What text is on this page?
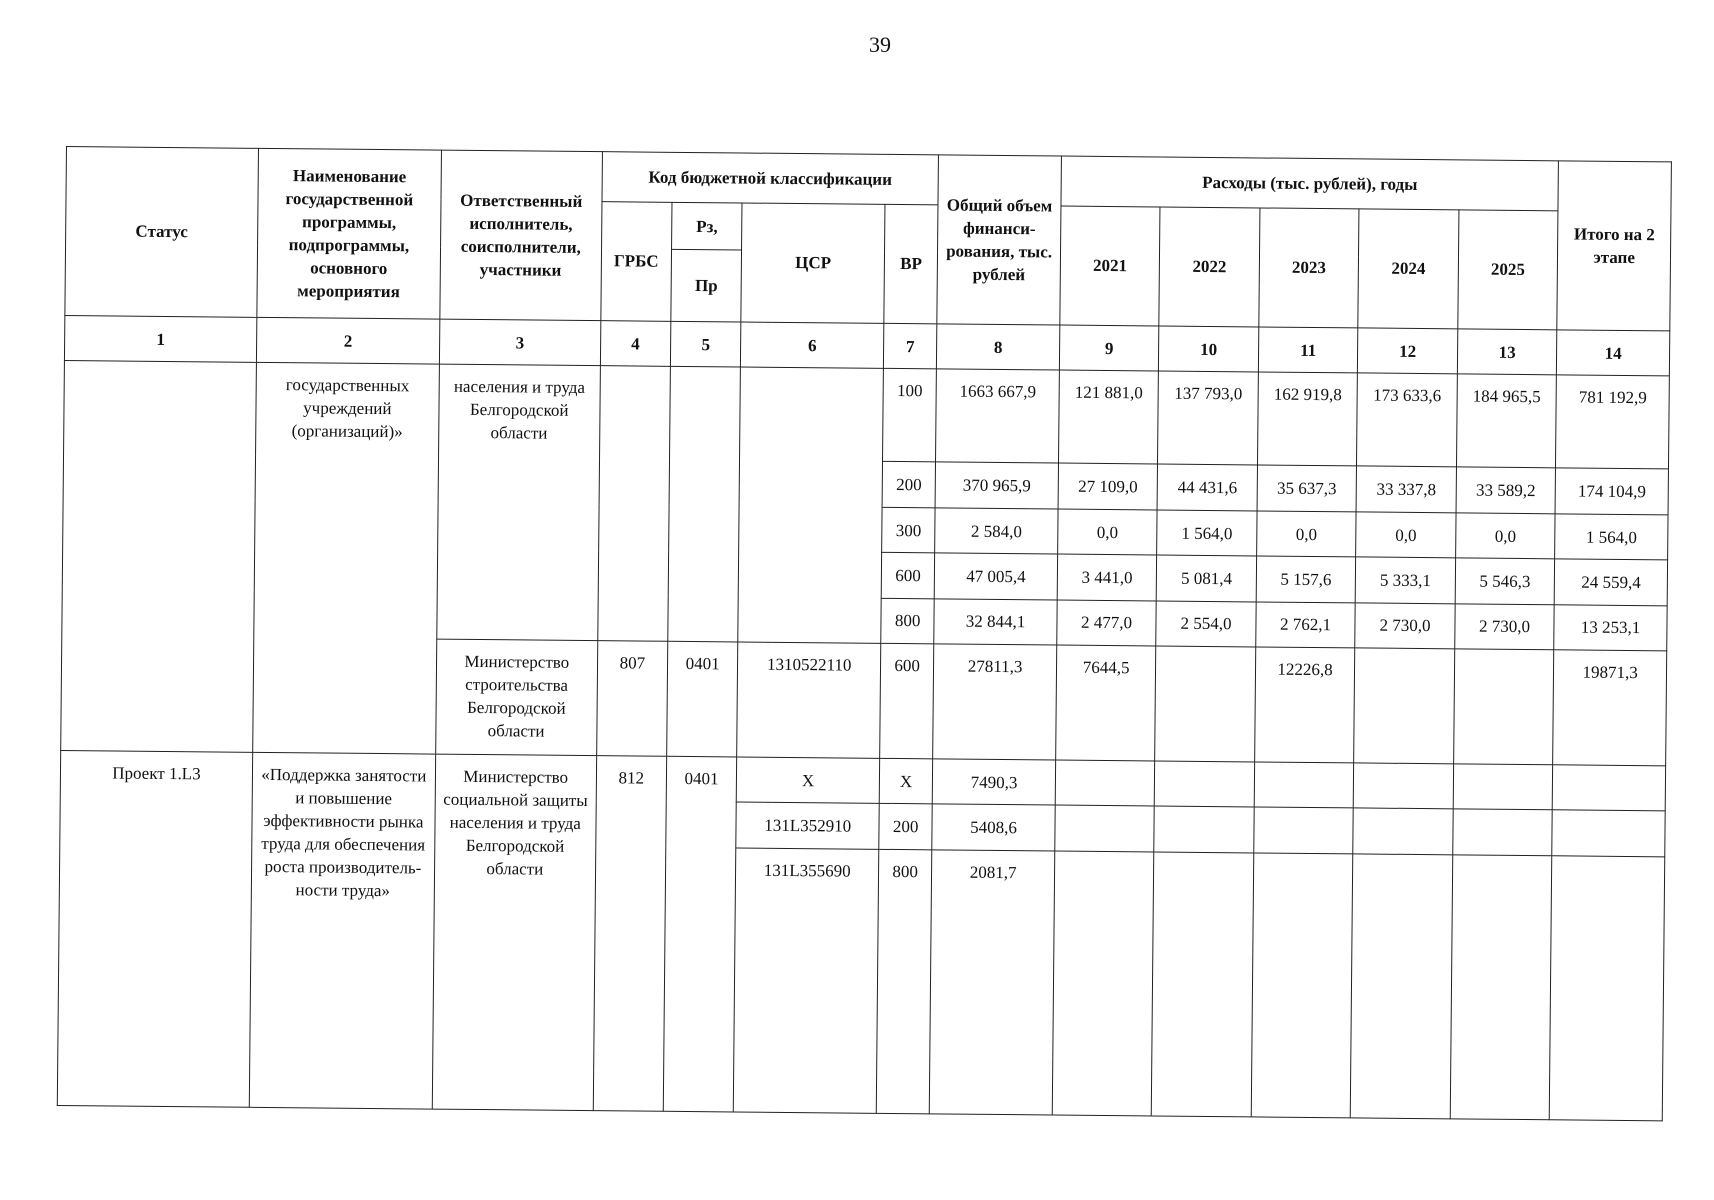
39
Статус	Наименование государственной программы, подпрограммы, основного мероприятия	Ответственный исполнитель, соисполнители, участники	Код бюджетной классификации				Общий объем финанси-рования, тыс. рублей	Расходы (тыс. рублей), годы					Итого на 2 этапе
			ГРБС	Рз,	ЦСР	ВР		2021	2022	2023	2024	2025	
				Пр									
1	2	3	4	5	6	7	8	9	10	11	12	13	14
	государственных учреждений (организаций)»	населения и труда Белгородской области				100	1663 667,9	121 881,0	137 793,0	162 919,8	173 633,6	184 965,5	781 192,9
						200	370 965,9	27 109,0	44 431,6	35 637,3	33 337,8	33 589,2	174 104,9
						300	2 584,0	0,0	1 564,0	0,0	0,0	0,0	1 564,0
						600	47 005,4	3 441,0	5 081,4	5 157,6	5 333,1	5 546,3	24 559,4
						800	32 844,1	2 477,0	2 554,0	2 762,1	2 730,0	2 730,0	13 253,1
		Министерство строительства Белгородской области	807	0401	1310522110	600	27811,3	7644,5		12226,8			19871,3
Проект 1.L3	«Поддержка занятости и повышение эффективности рынка труда для обеспечения роста производитель-ности труда»	Министерство социальной защиты населения и труда Белгородской области	812	0401	X	X	7490,3						
					131L352910	200	5408,6						
					131L355690	800	2081,7						
